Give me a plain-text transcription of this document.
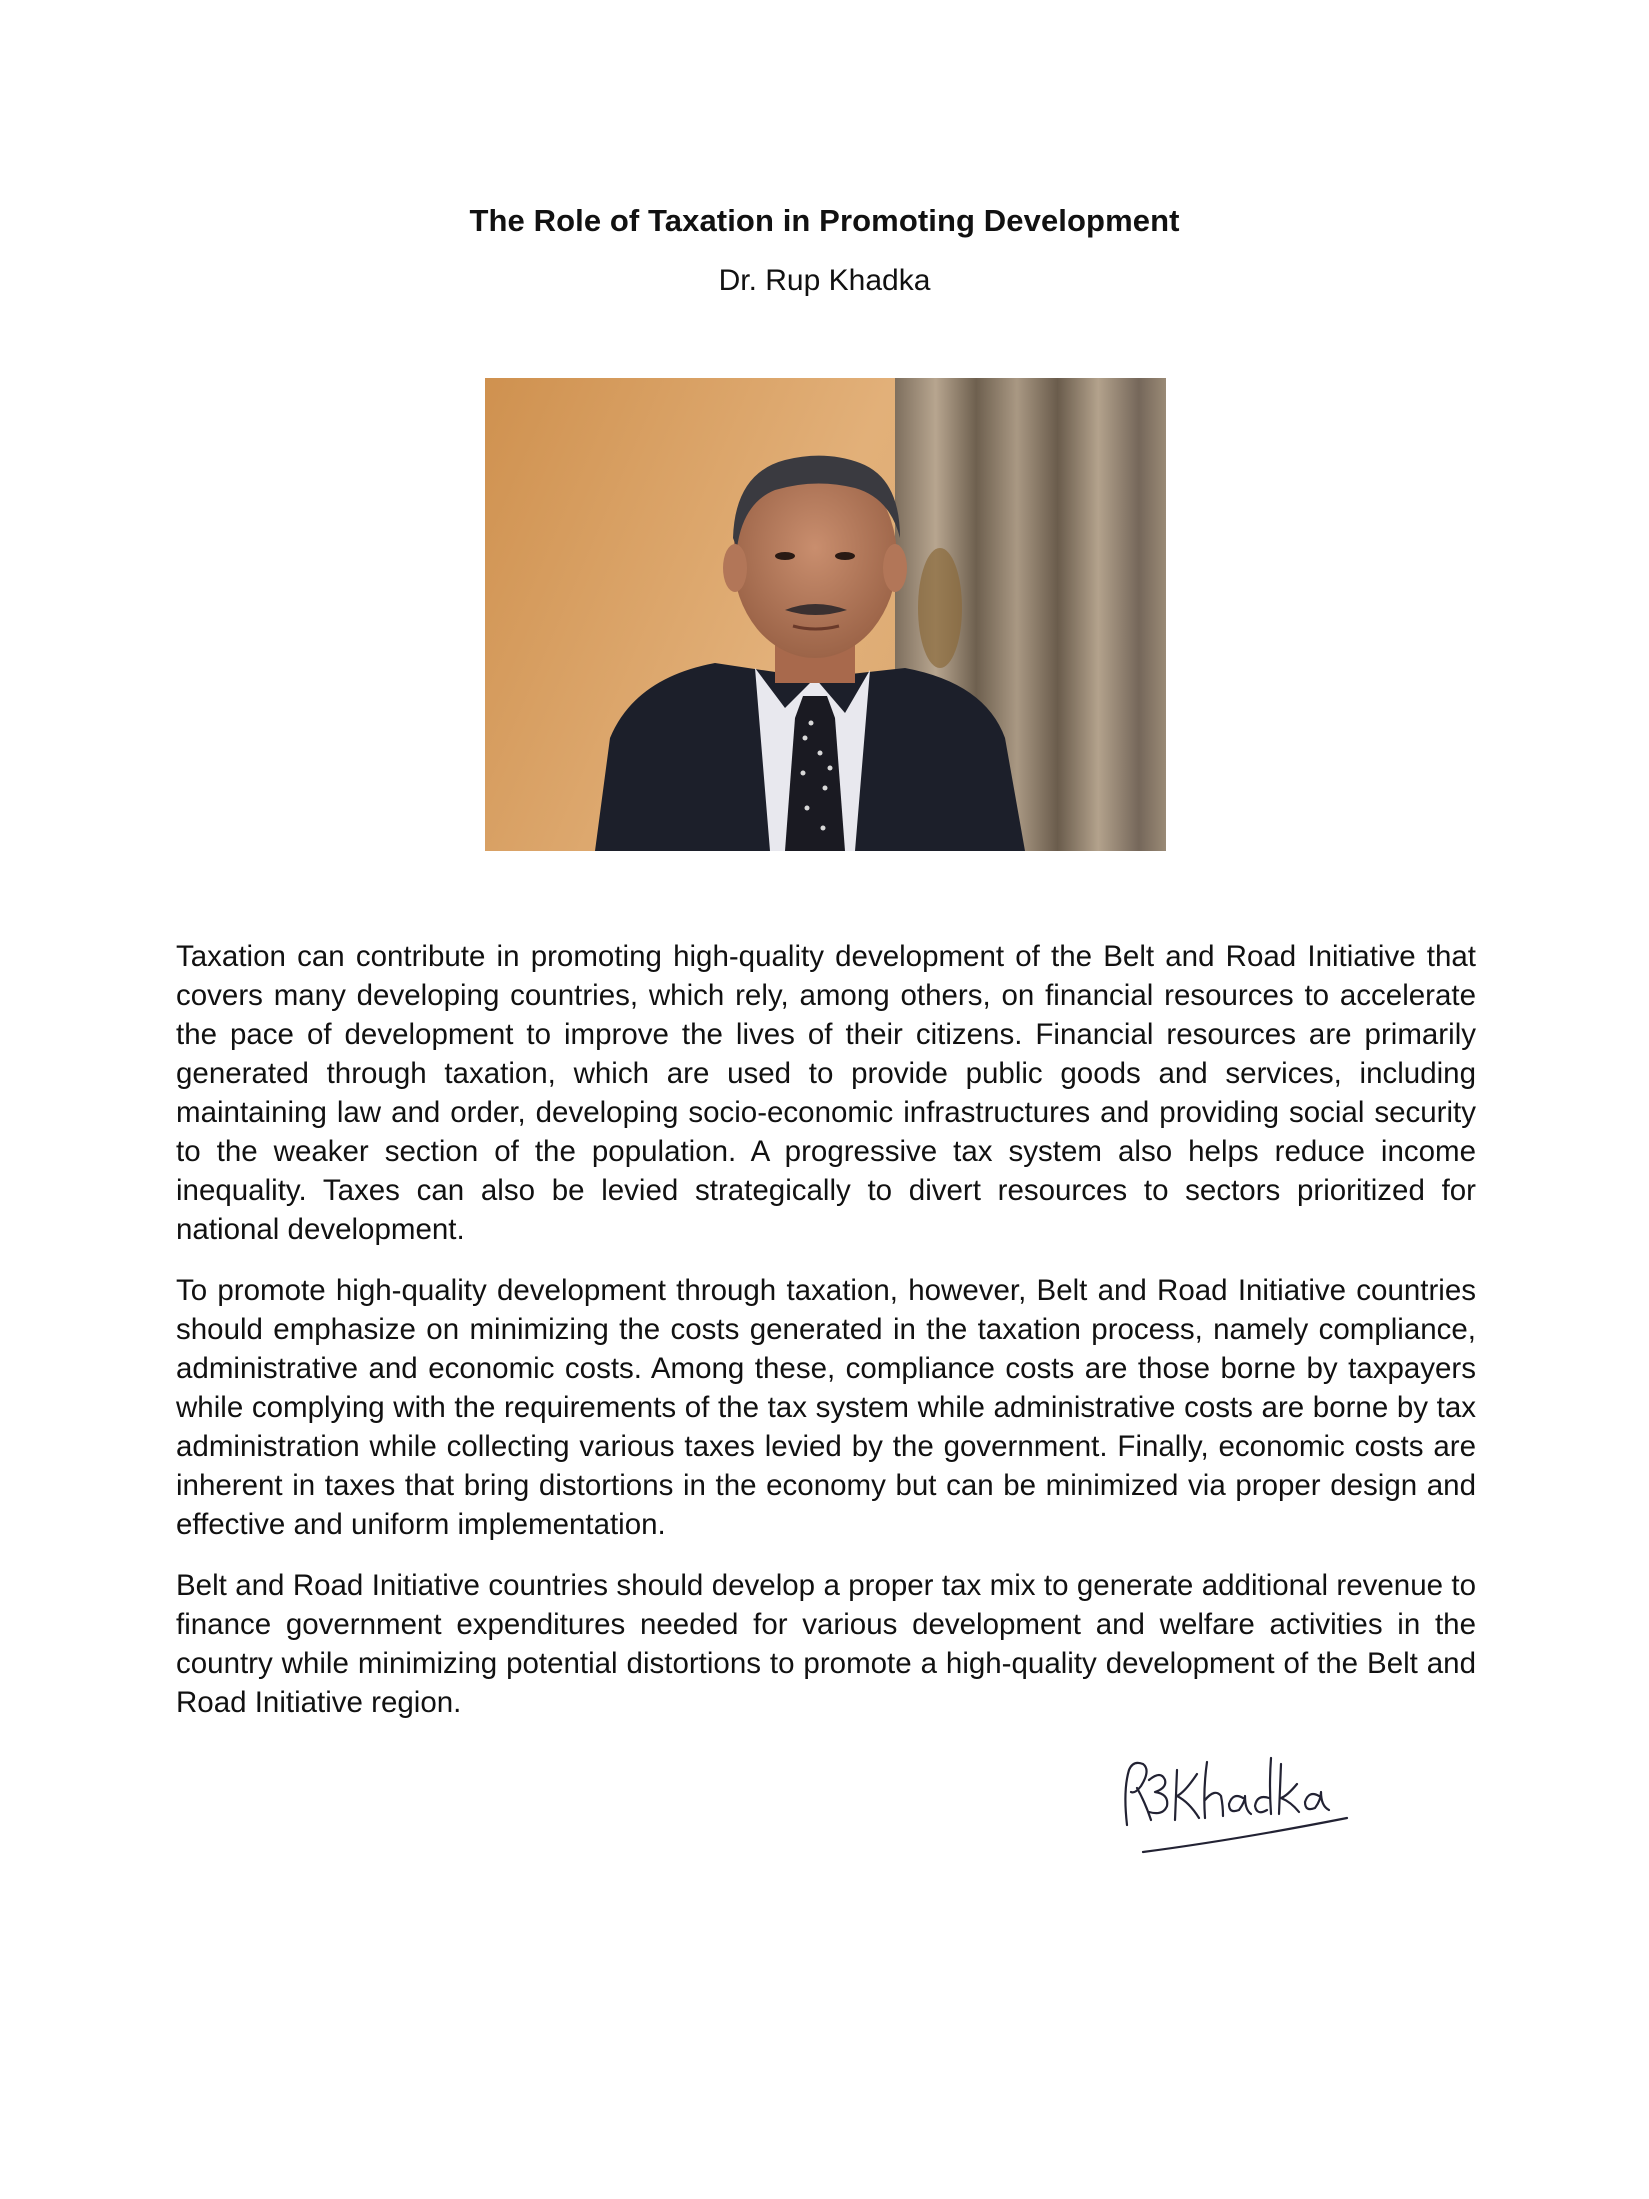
The Role of Taxation in Promoting Development
Dr. Rup Khadka

Taxation can contribute in promoting high-quality development of the Belt and Road Initiative that covers many developing countries, which rely, among others, on financial resources to accelerate the pace of development to improve the lives of their citizens. Financial resources are primarily generated through taxation, which are used to provide public goods and services, including maintaining law and order, developing socio-economic infrastructures and providing social security to the weaker section of the population. A progressive tax system also helps reduce income inequality. Taxes can also be levied strategically to divert resources to sectors prioritized for national development.

To promote high-quality development through taxation, however, Belt and Road Initiative countries should emphasize on minimizing the costs generated in the taxation process, namely compliance, administrative and economic costs. Among these, compliance costs are those borne by taxpayers while complying with the requirements of the tax system while administrative costs are borne by tax administration while collecting various taxes levied by the government. Finally, economic costs are inherent in taxes that bring distortions in the economy but can be minimized via proper design and effective and uniform implementation.

Belt and Road Initiative countries should develop a proper tax mix to generate additional revenue to finance government expenditures needed for various development and welfare activities in the country while minimizing potential distortions to promote a high-quality development of the Belt and Road Initiative region.
